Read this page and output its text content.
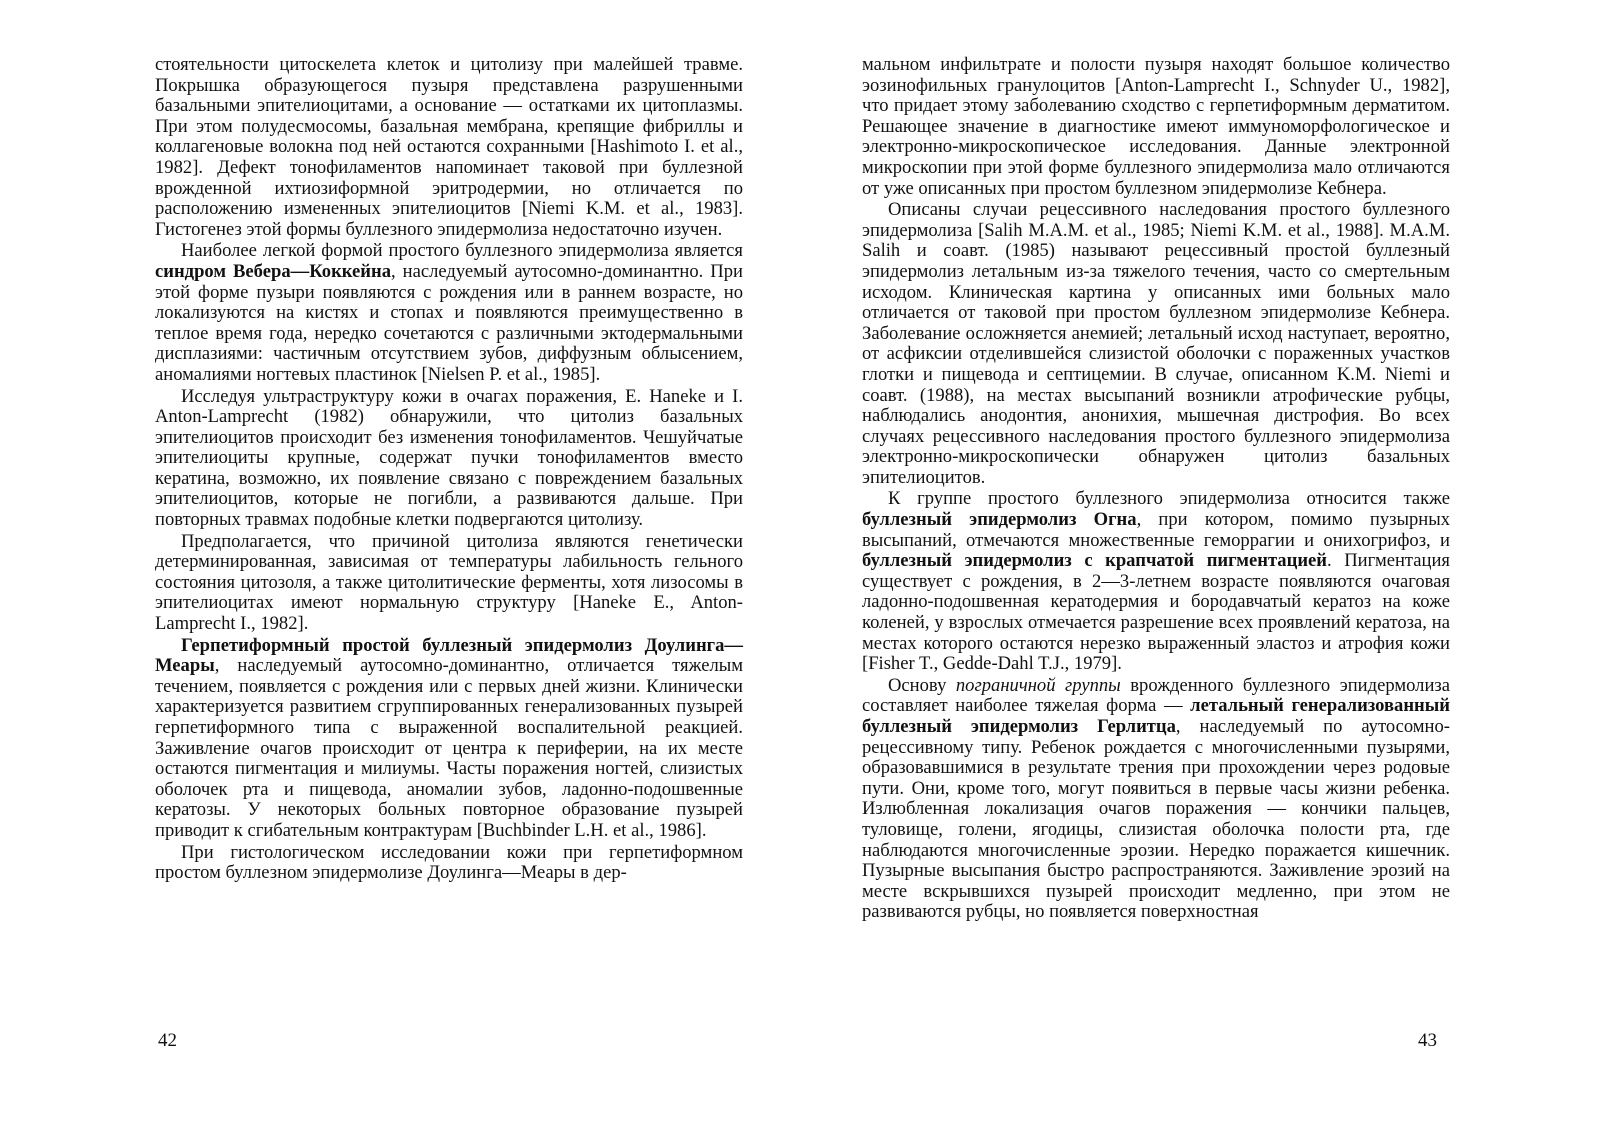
стоятельности цитоскелета клеток и цитолизу при малейшей травме. Покрышка образующегося пузыря представлена разрушенными базальными эпителиоцитами, а основание — остатками их цитоплазмы. При этом полудесмосомы, базальная мембрана, крепящие фибриллы и коллагеновые волокна под ней остаются сохранными [Hashimoto I. et al., 1982]. Дефект тонофиламентов напоминает таковой при буллезной врожденной ихтиозиформной эритродермии, но отличается по расположению измененных эпителиоцитов [Niemi K.M. et al., 1983]. Гистогенез этой формы буллезного эпидермолиза недостаточно изучен.

Наиболее легкой формой простого буллезного эпидермолиза является синдром Вебера—Коккейна, наследуемый аутосомно-доминантно. При этой форме пузыри появляются с рождения или в раннем возрасте, но локализуются на кистях и стопах и появляются преимущественно в теплое время года, нередко сочетаются с различными эктодермальными дисплазиями: частичным отсутствием зубов, диффузным облысением, аномалиями ногтевых пластинок [Nielsen P. et al., 1985].

Исследуя ультраструктуру кожи в очагах поражения, E. Haneke и I. Anton-Lamprecht (1982) обнаружили, что цитолиз базальных эпителиоцитов происходит без изменения тонофиламентов. Чешуйчатые эпителиоциты крупные, содержат пучки тонофиламентов вместо кератина, возможно, их появление связано с повреждением базальных эпителиоцитов, которые не погибли, а развиваются дальше. При повторных травмах подобные клетки подвергаются цитолизу.

Предполагается, что причиной цитолиза являются генетически детерминированная, зависимая от температуры лабильность гельного состояния цитозоля, а также цитолитические ферменты, хотя лизосомы в эпителиоцитах имеют нормальную структуру [Haneke E., Anton-Lamprecht I., 1982].

Герпетиформный простой буллезный эпидермолиз Доулинга—Меары, наследуемый аутосомно-доминантно, отличается тяжелым течением, появляется с рождения или с первых дней жизни. Клинически характеризуется развитием сгруппированных генерализованных пузырей герпетиформного типа с выраженной воспалительной реакцией. Заживление очагов происходит от центра к периферии, на их месте остаются пигментация и милиумы. Часты поражения ногтей, слизистых оболочек рта и пищевода, аномалии зубов, ладонно-подошвенные кератозы. У некоторых больных повторное образование пузырей приводит к сгибательным контрактурам [Buchbinder L.H. et al., 1986].

При гистологическом исследовании кожи при герпетиформном простом буллезном эпидермолизе Доулинга—Меары в дер-

42

мальном инфильтрате и полости пузыря находят большое количество эозинофильных гранулоцитов [Anton-Lamprecht I., Schnyder U., 1982], что придает этому заболеванию сходство с герпетиформным дерматитом. Решающее значение в диагностике имеют иммуноморфологическое и электронно-микроскопическое исследования. Данные электронной микроскопии при этой форме буллезного эпидермолиза мало отличаются от уже описанных при простом буллезном эпидермолизе Кебнера.

Описаны случаи рецессивного наследования простого буллезного эпидермолиза [Salih M.A.M. et al., 1985; Niemi K.M. et al., 1988]. M.A.M. Salih и соавт. (1985) называют рецессивный простой буллезный эпидермолиз летальным из-за тяжелого течения, часто со смертельным исходом. Клиническая картина у описанных ими больных мало отличается от таковой при простом буллезном эпидермолизе Кебнера. Заболевание осложняется анемией; летальный исход наступает, вероятно, от асфиксии отделившейся слизистой оболочки с пораженных участков глотки и пищевода и септицемии. В случае, описанном K.M. Niemi и соавт. (1988), на местах высыпаний возникли атрофические рубцы, наблюдались анодонтия, анонихия, мышечная дистрофия. Во всех случаях рецессивного наследования простого буллезного эпидермолиза электронно-микроскопически обнаружен цитолиз базальных эпителиоцитов.

К группе простого буллезного эпидермолиза относится также буллезный эпидермолиз Огна, при котором, помимо пузырных высыпаний, отмечаются множественные геморрагии и онихогрифоз, и буллезный эпидермолиз с крапчатой пигментацией. Пигментация существует с рождения, в 2—3-летнем возрасте появляются очаговая ладонно-подошвенная кератодермия и бородавчатый кератоз на коже коленей, у взрослых отмечается разрешение всех проявлений кератоза, на местах которого остаются нерезко выраженный эластоз и атрофия кожи [Fisher T., Gedde-Dahl T.J., 1979].

Основу пограничной группы врожденного буллезного эпидермолиза составляет наиболее тяжелая форма — летальный генерализованный буллезный эпидермолиз Герлитца, наследуемый по аутосомно-рецессивному типу. Ребенок рождается с многочисленными пузырями, образовавшимися в результате трения при прохождении через родовые пути. Они, кроме того, могут появиться в первые часы жизни ребенка. Излюбленная локализация очагов поражения — кончики пальцев, туловище, голени, ягодицы, слизистая оболочка полости рта, где наблюдаются многочисленные эрозии. Нередко поражается кишечник. Пузырные высыпания быстро распространяются. Заживление эрозий на месте вскрывшихся пузырей происходит медленно, при этом не развиваются рубцы, но появляется поверхностная

43
